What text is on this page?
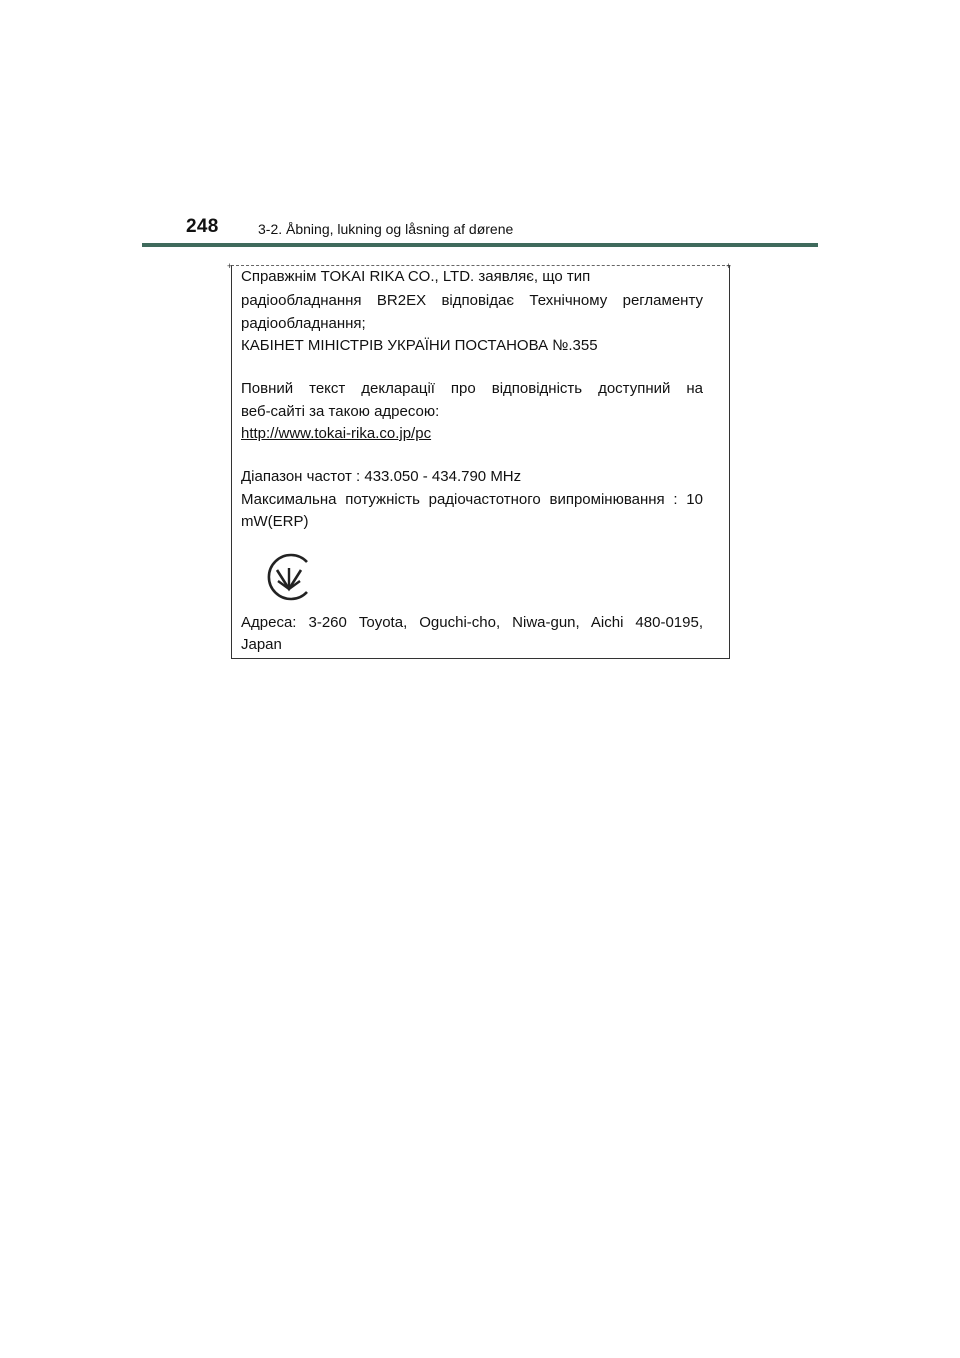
248	3-2. Åbning, lukning og låsning af dørene
+	+
Справжнім TOKAI RIKA CO., LTD. заявляє, що тип
радіообладнання BR2EX відповідає Технічному регламенту
радіообладнання;
КАБІНЕТ МІНІСТРІВ УКРАЇНИ ПОСТАНОВА №.355
Повний текст декларації про відповідність доступний на
веб-сайті за такою адресою:
http://www.tokai-rika.co.jp/pc
Діапазон частот : 433.050 - 434.790 MHz
Максимальна потужність радіочастотного випромінювання : 10
mW(ERP)
Адреса: 3-260 Toyota, Oguchi-cho, Niwa-gun, Aichi 480-0195,
Japan
